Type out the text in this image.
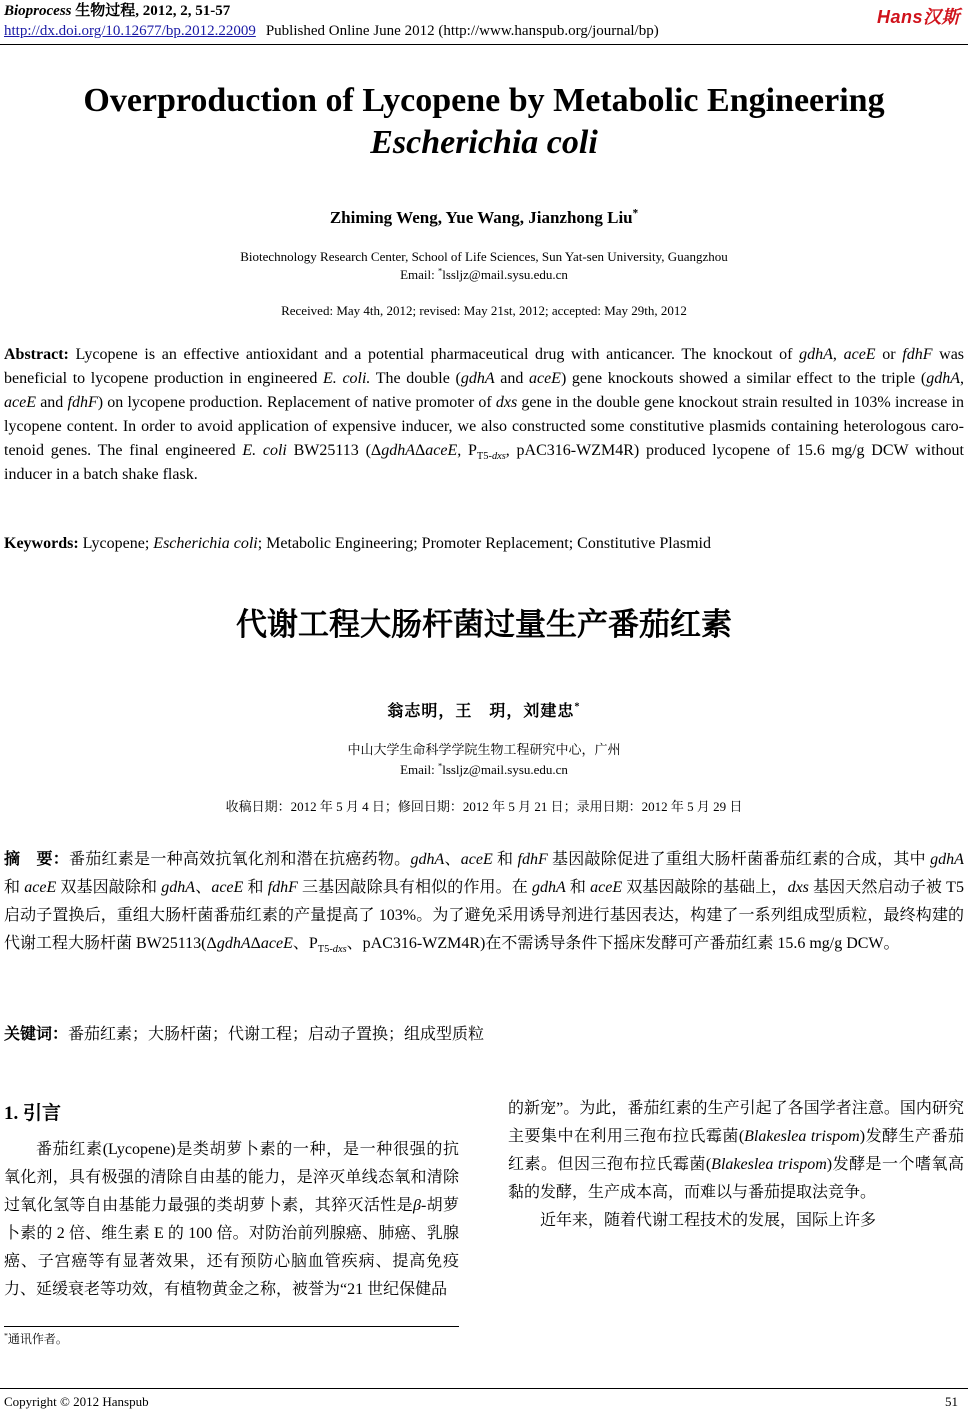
Bioprocess 生物过程, 2012, 2, 51-57
http://dx.doi.org/10.12677/bp.2012.22009 Published Online June 2012 (http://www.hanspub.org/journal/bp)
Hans汉斯
Overproduction of Lycopene by Metabolic Engineering
Escherichia coli
Zhiming Weng, Yue Wang, Jianzhong Liu*
Biotechnology Research Center, School of Life Sciences, Sun Yat-sen University, Guangzhou
Email: *lssljz@mail.sysu.edu.cn
Received: May 4th, 2012; revised: May 21st, 2012; accepted: May 29th, 2012
Abstract: Lycopene is an effective antioxidant and a potential pharmaceutical drug with anticancer. The knockout of gdhA, aceE or fdhF was beneficial to lycopene production in engineered E. coli. The double (gdhA and aceE) gene knockouts showed a similar effect to the triple (gdhA, aceE and fdhF) on lycopene production. Replacement of native promoter of dxs gene in the double gene knockout strain resulted in 103% increase in lycopene content. In order to avoid application of expensive inducer, we also constructed some constitutive plasmids containing heterologous caro-tenoid genes. The final engineered E. coli BW25113 (ΔgdhAΔaceE, $P_{T5-dxs}$, pAC316-WZM4R) produced lycopene of 15.6 mg/g DCW without inducer in a batch shake flask.
Keywords: Lycopene; Escherichia coli; Metabolic Engineering; Promoter Replacement; Constitutive Plasmid
代谢工程大肠杆菌过量生产番茄红素
翁志明，王　玥，刘建忠*
中山大学生命科学学院生物工程研究中心，广州
Email: *lssljz@mail.sysu.edu.cn
收稿日期：2012 年 5 月 4 日；修回日期：2012 年 5 月 21 日；录用日期：2012 年 5 月 29 日
摘　要：番茄红素是一种高效抗氧化剂和潜在抗癌药物。gdhA、aceE 和 fdhF 基因敲除促进了重组大肠杆菌番茄红素的合成，其中 gdhA 和 aceE 双基因敲除和 gdhA、aceE 和 fdhF 三基因敲除具有相似的作用。在 gdhA 和 aceE 双基因敲除的基础上，dxs 基因天然启动子被 T5 启动子置换后，重组大肠杆菌番茄红素的产量提高了 103%。为了避免采用诱导剂进行基因表达，构建了一系列组成型质粒，最终构建的代谢工程大肠杆菌 BW25113(ΔgdhAΔaceE、$P_{T5-dxs}$、pAC316-WZM4R)在不需诱导条件下摇床发酵可产番茄红素 15.6 mg/g DCW。
关键词：番茄红素；大肠杆菌；代谢工程；启动子置换；组成型质粒
1. 引言
番茄红素(Lycopene)是类胡萝卜素的一种，是一种很强的抗氧化剂，具有极强的清除自由基的能力，是淬灭单线态氧和清除过氧化氢等自由基能力最强的类胡萝卜素，其猝灭活性是β-胡萝卜素的 2 倍、维生素 E 的 100 倍。对防治前列腺癌、肺癌、乳腺癌、子宫癌等有显著效果，还有预防心脑血管疾病、提高免疫力、延缓衰老等功效，有植物黄金之称，被誉为“21 世纪保健品
的新宠”。为此，番茄红素的生产引起了各国学者注意。国内研究主要集中在利用三孢布拉氏霉菌(Blakeslea trispom)发酵生产番茄红素。但因三孢布拉氏霉菌(Blakeslea trispom)发酵是一个嗜氧高黏的发酵，生产成本高，而难以与番茄提取法竞争。
近年来，随着代谢工程技术的发展，国际上许多
*通讯作者。
Copyright © 2012 Hanspub	51
